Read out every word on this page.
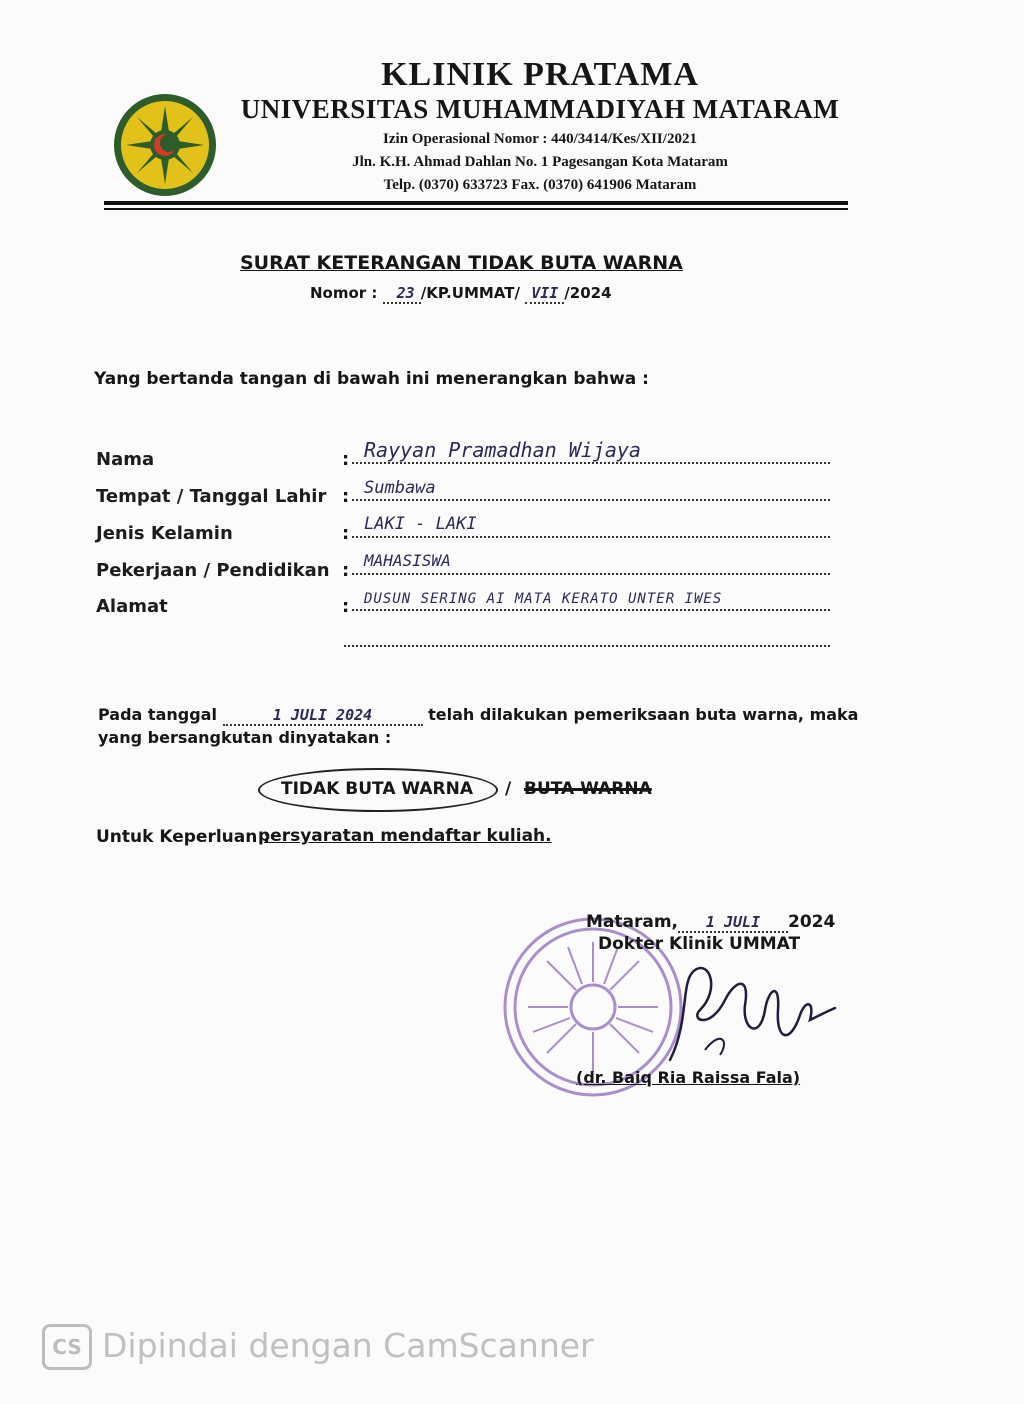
KLINIK PRATAMA
UNIVERSITAS MUHAMMADIYAH MATARAM
Izin Operasional Nomor : 440/3414/Kes/XII/2021
Jln. K.H. Ahmad Dahlan No. 1 Pagesangan Kota Mataram
Telp. (0370) 633723 Fax. (0370) 641906 Mataram
SURAT KETERANGAN TIDAK BUTA WARNA
Nomor : 23 /KP.UMMAT/ VII /2024
Yang bertanda tangan di bawah ini menerangkan bahwa :
Nama	: Rayyan Pramadhan Wijaya
Tempat / Tanggal Lahir : Sumbawa
Jenis Kelamin	: LAKI - LAKI
Pekerjaan / Pendidikan : MAHASISWA
Alamat	: DUSUN SERING AI MATA KERATO UNTER IWES
Pada tanggal	1 JULI 2024	telah dilakukan pemeriksaan buta warna, maka
yang bersangkutan dinyatakan :
TIDAK BUTA WARNA / BUTA WARNA
Untuk Keperluan :
persyaratan mendaftar kuliah.
Mataram, 1 JULI 2024
Dokter Klinik UMMAT
(dr. Baiq Ria Raissa Fala)
CS Dipindai dengan CamScanner
